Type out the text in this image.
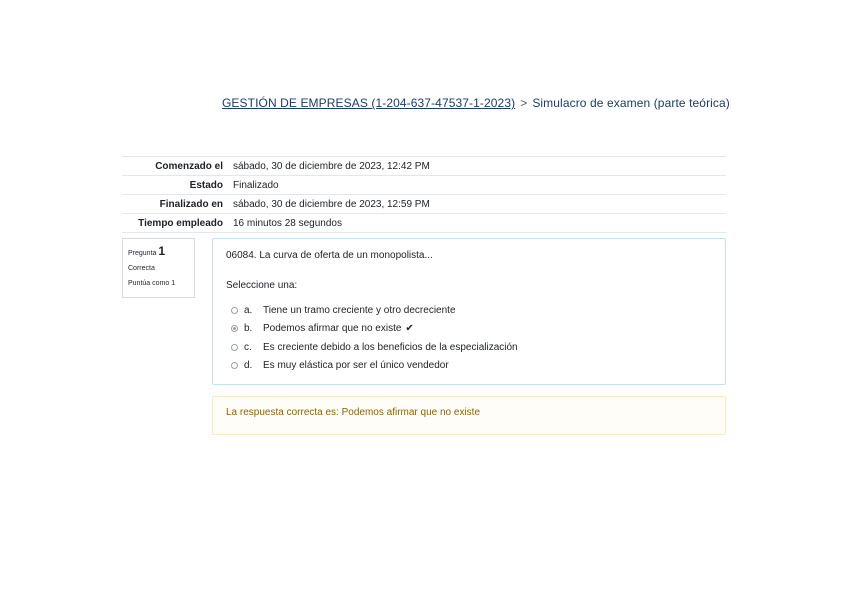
GESTIÓN DE EMPRESAS (1-204-637-47537-1-2023) > Simulacro de examen (parte teórica)
Comenzado el	sábado, 30 de diciembre de 2023, 12:42 PM
Estado	Finalizado
Finalizado en	sábado, 30 de diciembre de 2023, 12:59 PM
Tiempo empleado	16 minutos 28 segundos
Pregunta 1
Correcta
Puntúa como 1
06084. La curva de oferta de un monopolista...
Seleccione una:
a.	Tiene un tramo creciente y otro decreciente
b.	Podemos afirmar que no existe ✔
c.	Es creciente debido a los beneficios de la especialización
d.	Es muy elástica por ser el único vendedor
La respuesta correcta es: Podemos afirmar que no existe
